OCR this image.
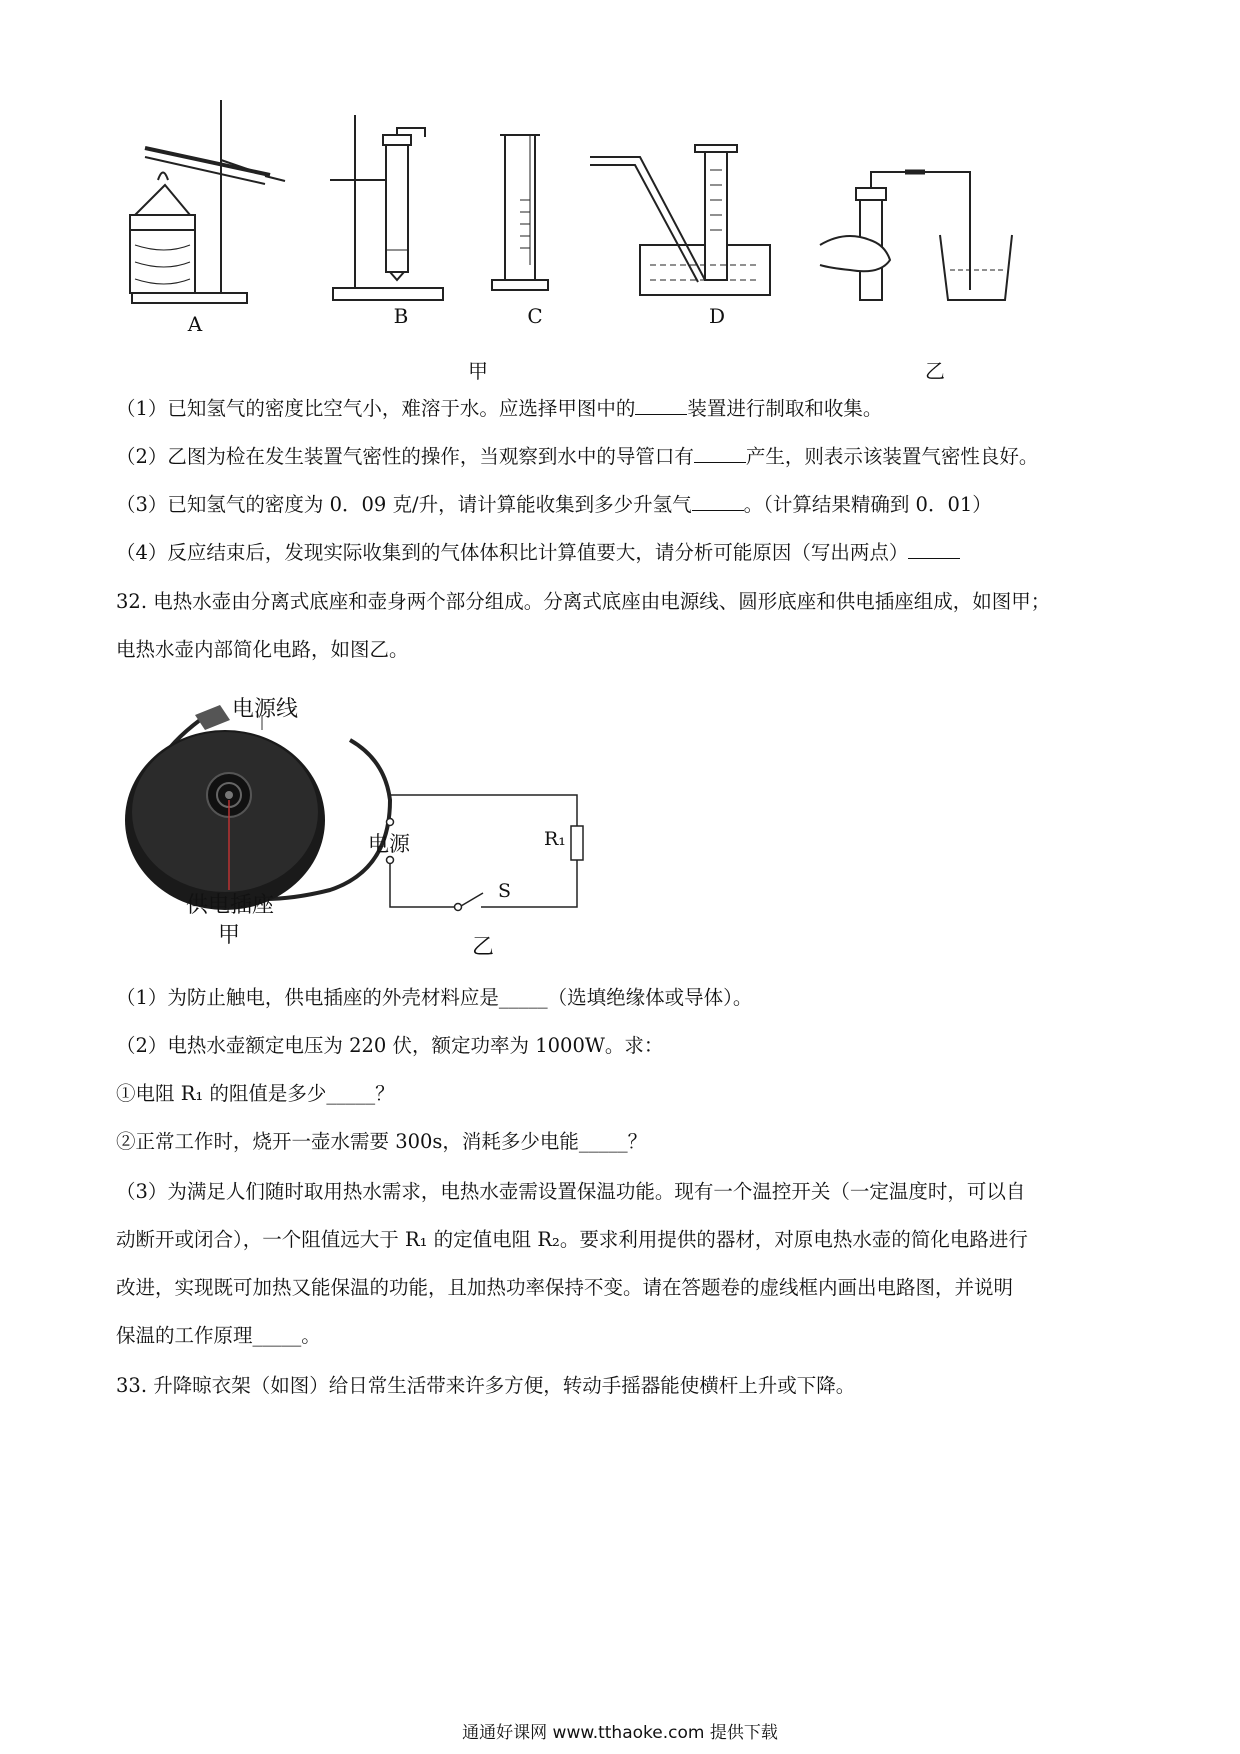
A	B	C	D
甲	乙
（1）已知氢气的密度比空气小，难溶于水。应选择甲图中的	装置进行制取和收集。
（2）乙图为检在发生装置气密性的操作，当观察到水中的导管口有	产生，则表示该装置气密性良好。
（3）已知氢气的密度为 0．09 克/升，请计算能收集到多少升氢气	。（计算结果精确到 0．01）
（4）反应结束后，发现实际收集到的气体体积比计算值要大，请分析可能原因（写出两点）
32. 电热水壶由分离式底座和壶身两个部分组成。分离式底座由电源线、圆形底座和供电插座组成，如图甲；
电热水壶内部简化电路，如图乙。
电源线
供电插座
甲
电源	R₁
S
乙
（1）为防止触电，供电插座的外壳材料应是_____（选填绝缘体或导体）。
（2）电热水壶额定电压为 220 伏，额定功率为 1000W。求：
①电阻 R₁ 的阻值是多少_____？
②正常工作时，烧开一壶水需要 300s，消耗多少电能_____？
（3）为满足人们随时取用热水需求，电热水壶需设置保温功能。现有一个温控开关（一定温度时，可以自
动断开或闭合），一个阻值远大于 R₁ 的定值电阻 R₂。要求利用提供的器材，对原电热水壶的简化电路进行
改进，实现既可加热又能保温的功能，且加热功率保持不变。请在答题卷的虚线框内画出电路图，并说明
保温的工作原理_____。
33. 升降晾衣架（如图）给日常生活带来许多方便，转动手摇器能使横杆上升或下降。
通通好课网 www.tthaoke.com 提供下载
